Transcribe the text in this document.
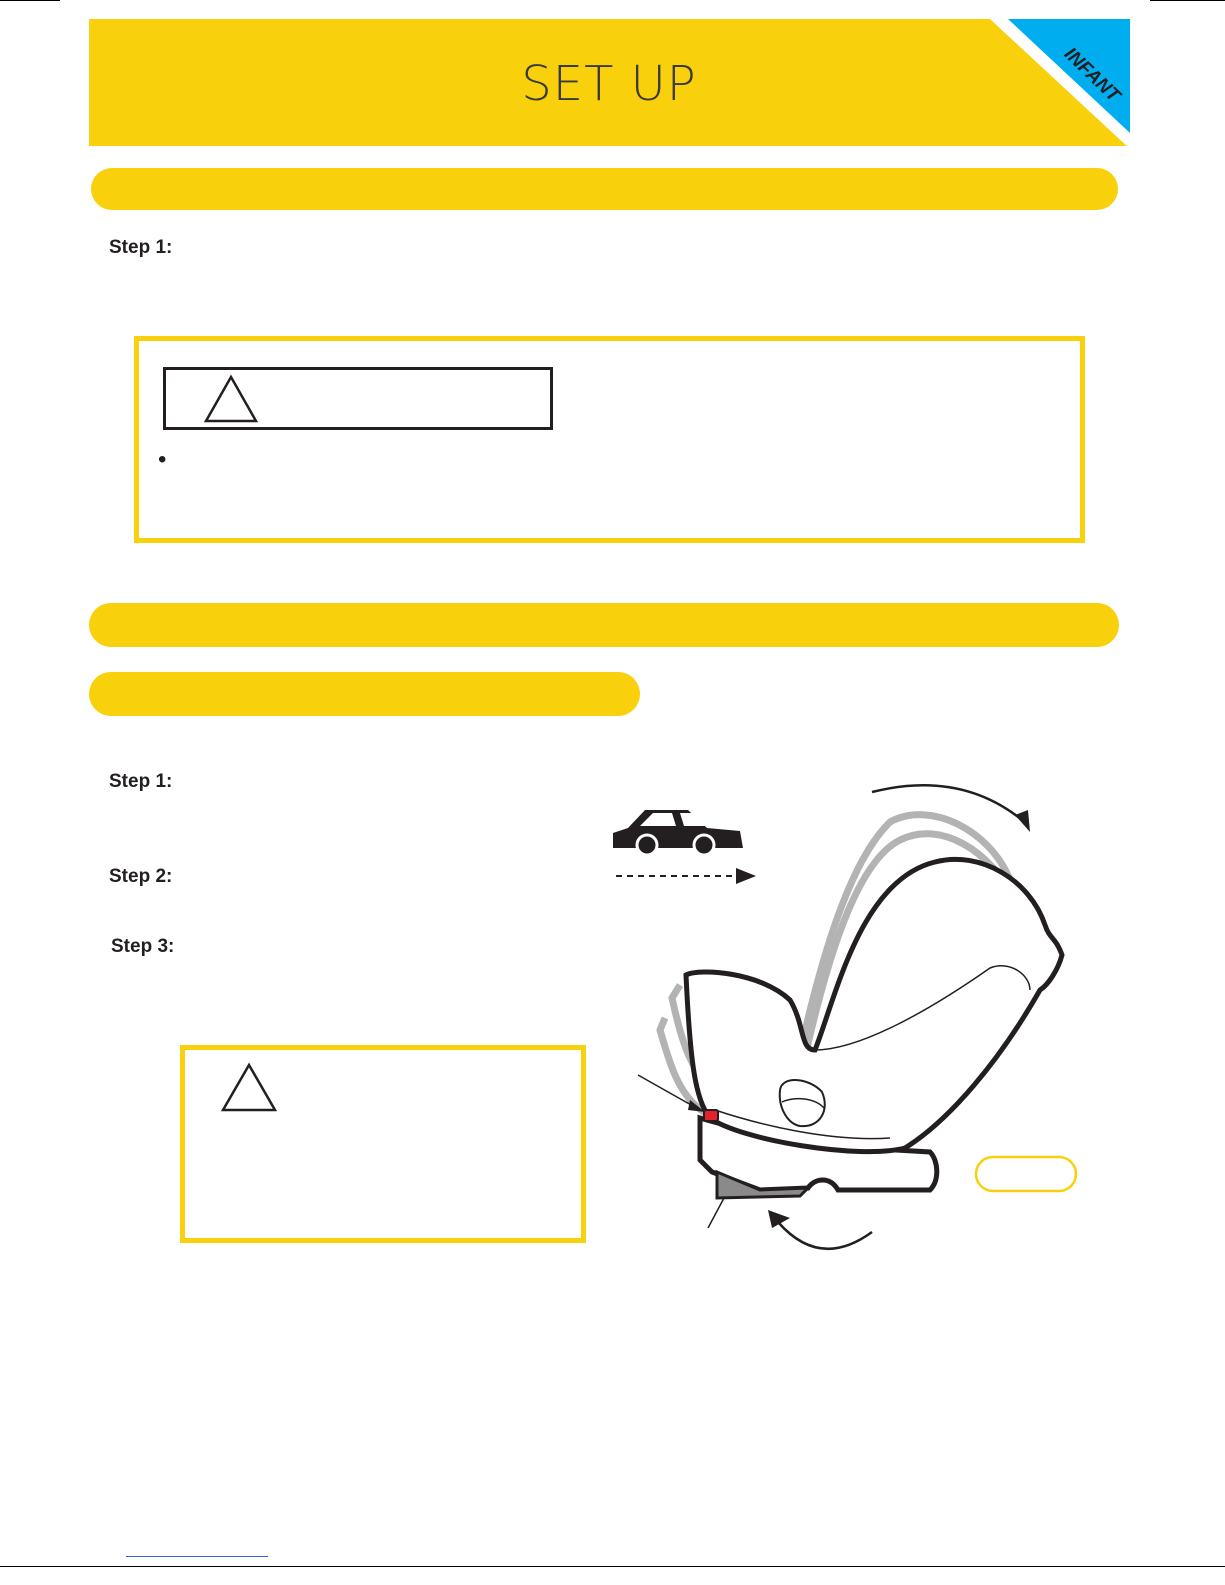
SET UP	INFANT
Step 1:
•
Step 1:
Step 2:
Step 3:
